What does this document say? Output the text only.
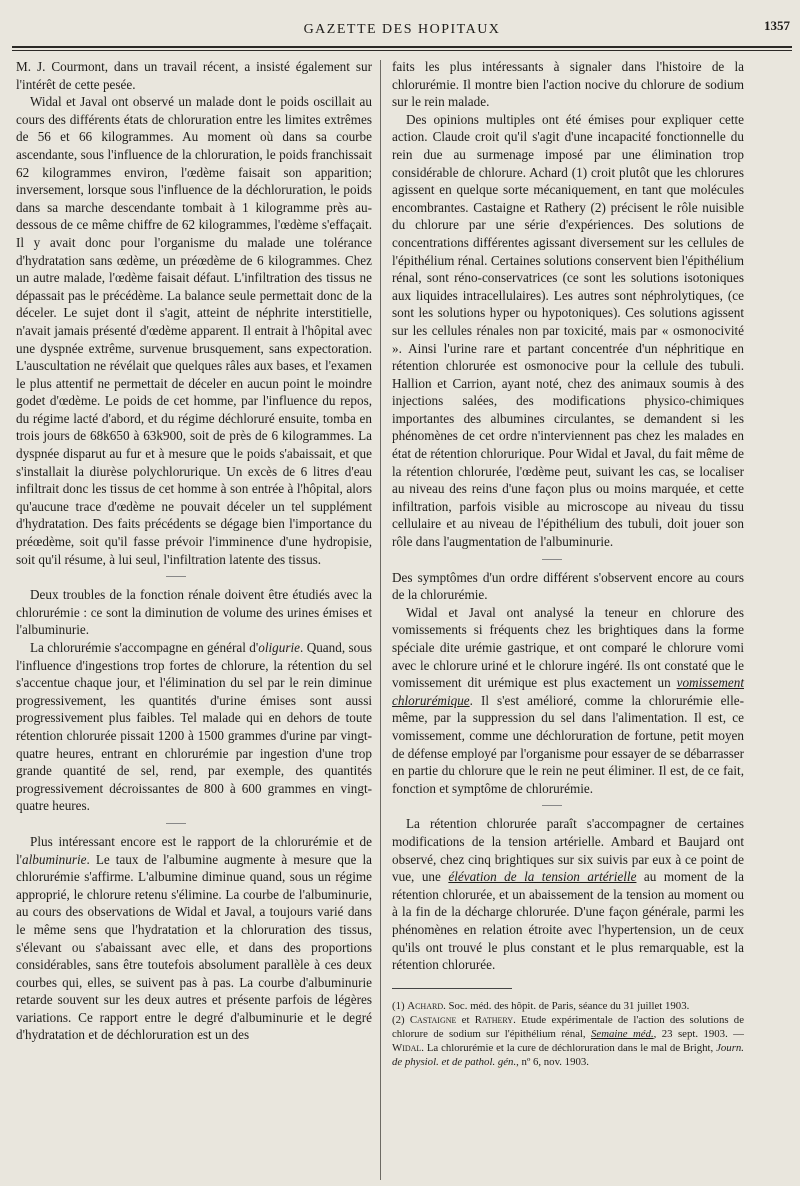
GAZETTE DES HOPITAUX	1357

M. J. Courmont, dans un travail récent, a insisté également sur l'intérêt de cette pesée.

Widal et Javal ont observé un malade dont le poids oscillait au cours des différents états de chloruration entre les limites extrêmes de 56 et 66 kilogrammes. Au moment où dans sa courbe ascendante, sous l'influence de la chloruration, le poids franchissait 62 kilogrammes environ, l'œdème faisait son apparition; inversement, lorsque sous l'influence de la déchloruration, le poids dans sa marche descendante tombait à 1 kilogramme près au-dessous de ce même chiffre de 62 kilogrammes, l'œdème s'effaçait. Il y avait donc pour l'organisme du malade une tolérance d'hydratation sans œdème, un préœdème de 6 kilogrammes. Chez un autre malade, l'œdème faisait défaut. L'infiltration des tissus ne dépassait pas le précédème. La balance seule permettait donc de la déceler. Le sujet dont il s'agit, atteint de néphrite interstitielle, n'avait jamais présenté d'œdème apparent. Il entrait à l'hôpital avec une dyspnée extrême, survenue brusquement, sans expectoration. L'auscultation ne révélait que quelques râles aux bases, et l'examen le plus attentif ne permettait de déceler en aucun point le moindre godet d'œdème. Le poids de cet homme, par l'influence du repos, du régime lacté d'abord, et du régime déchloruré ensuite, tomba en trois jours de 68k650 à 63k900, soit de près de 6 kilogrammes. La dyspnée disparut au fur et à mesure que le poids s'abaissait, et que s'installait la diurèse polychlorurique. Un excès de 6 litres d'eau infiltrait donc les tissus de cet homme à son entrée à l'hôpital, alors qu'aucune trace d'œdème ne pouvait déceler un tel supplément d'hydratation. Des faits précédents se dégage bien l'importance du préœdème, soit qu'il fasse prévoir l'imminence d'une hydropisie, soit qu'il résume, à lui seul, l'infiltration latente des tissus.

Deux troubles de la fonction rénale doivent être étudiés avec la chlorurémie : ce sont la diminution de volume des urines émises et l'albuminurie.

La chlorurémie s'accompagne en général d'oligurie. Quand, sous l'influence d'ingestions trop fortes de chlorure, la rétention du sel s'accentue chaque jour, et l'élimination du sel par le rein diminue progressivement, les quantités d'urine émises sont aussi progressivement plus faibles. Tel malade qui en dehors de toute rétention chlorurée pissait 1200 à 1500 grammes d'urine par vingt-quatre heures, entrant en chlorurémie par ingestion d'une trop grande quantité de sel, rend, par exemple, des quantités progressivement décroissantes de 800 à 600 grammes en vingt-quatre heures.

Plus intéressant encore est le rapport de la chlorurémie et de l'albuminurie. Le taux de l'albumine augmente à mesure que la chlorurémie s'affirme. L'albumine diminue quand, sous un régime approprié, le chlorure retenu s'élimine. La courbe de l'albuminurie, au cours des observations de Widal et Javal, a toujours varié dans le même sens que l'hydratation et la chloruration des tissus, s'élevant ou s'abaissant avec elle, et dans des proportions considérables, sans être toutefois absolument parallèle à ces deux courbes qui, elles, se suivent pas à pas. La courbe d'albuminurie retarde souvent sur les deux autres et présente parfois de légères variations. Ce rapport entre le degré d'albuminurie et le degré d'hydratation et de déchloruration est un des

faits les plus intéressants à signaler dans l'histoire de la chlorurémie. Il montre bien l'action nocive du chlorure de sodium sur le rein malade.

Des opinions multiples ont été émises pour expliquer cette action. Claude croit qu'il s'agit d'une incapacité fonctionnelle du rein due au surmenage imposé par une élimination trop considérable de chlorure. Achard (1) croit plutôt que les chlorures agissent en quelque sorte mécaniquement, en tant que molécules encombrantes. Castaigne et Rathery (2) précisent le rôle nuisible du chlorure par une série d'expériences. Des solutions de concentrations différentes agissant diversement sur les cellules de l'épithélium rénal. Certaines solutions conservent bien l'épithélium rénal, sont réno-conservatrices (ce sont les solutions isotoniques aux liquides intracellulaires). Les autres sont néphrolytiques, (ce sont les solutions hyper ou hypotoniques). Ces solutions agissent sur les cellules rénales non par toxicité, mais par « osmonocivité ». Ainsi l'urine rare et partant concentrée d'un néphritique en rétention chlorurée est osmonocive pour la cellule des tubuli. Hallion et Carrion, ayant noté, chez des animaux soumis à des injections salées, des modifications physico-chimiques importantes des albumines circulantes, se demandent si les phénomènes de cet ordre n'interviennent pas chez les malades en état de rétention chlorurique. Pour Widal et Javal, du fait même de la rétention chlorurée, l'œdème peut, suivant les cas, se localiser au niveau des reins d'une façon plus ou moins marquée, et cette infiltration, parfois visible au microscope au niveau du tissu cellulaire et au niveau de l'épithélium des tubuli, doit jouer son rôle dans l'augmentation de l'albuminurie.

Des symptômes d'un ordre différent s'observent encore au cours de la chlorurémie.

Widal et Javal ont analysé la teneur en chlorure des vomissements si fréquents chez les brightiques dans la forme spéciale dite urémie gastrique, et ont comparé le chlorure vomi avec le chlorure uriné et le chlorure ingéré. Ils ont constaté que le vomissement dit urémique est plus exactement un vomissement chlorurémique. Il s'est amélioré, comme la chlorurémie elle-même, par la suppression du sel dans l'alimentation. Il est, ce vomissement, comme une déchloruration de fortune, petit moyen de défense employé par l'organisme pour essayer de se débarrasser en partie du chlorure que le rein ne peut éliminer. Il est, de ce fait, fonction et symptôme de chlorurémie.

La rétention chlorurée paraît s'accompagner de certaines modifications de la tension artérielle. Ambard et Baujard ont observé, chez cinq brightiques sur six suivis par eux à ce point de vue, une élévation de la tension artérielle au moment de la rétention chlorurée, et un abaissement de la tension au moment ou à la fin de la décharge chlorurée. D'une façon générale, parmi les phénomènes en relation étroite avec l'hypertension, un de ceux qu'ils ont trouvé le plus constant et le plus remarquable, est la rétention chlorurée.

(1) Achard. Soc. méd. des hôpit. de Paris, séance du 31 juillet 1903.

(2) Castaigne et Rathery. Etude expérimentale de l'action des solutions de chlorure de sodium sur l'épithélium rénal, Semaine méd., 23 sept. 1903. — Widal. La chlorurémie et la cure de déchloruration dans le mal de Bright, Journ. de physiol. et de pathol. gén., nº 6, nov. 1903.
